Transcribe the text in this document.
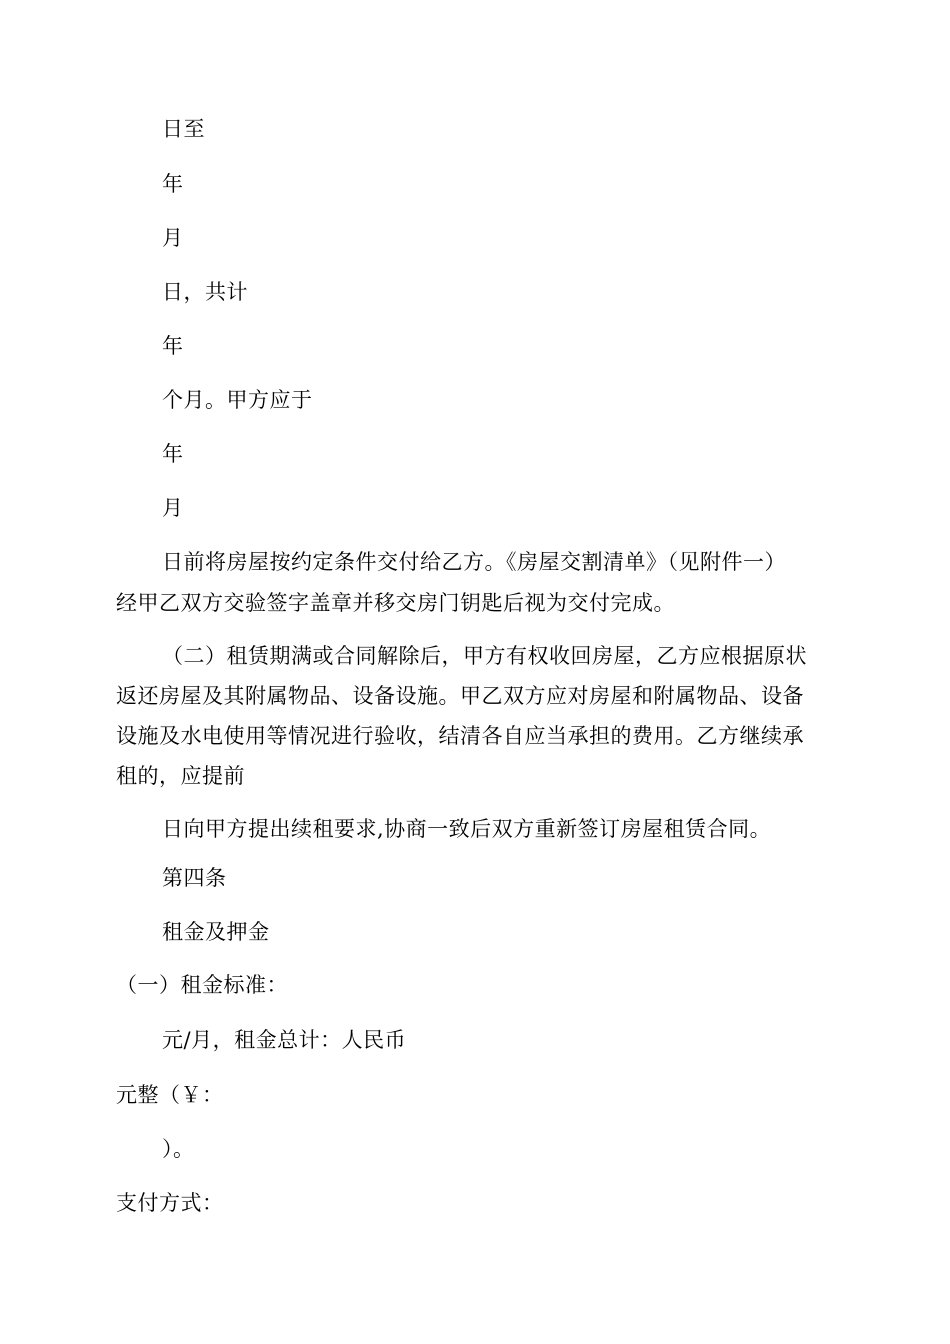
日至
年
月
日，共计
年
个月。甲方应于
年
月
日前将房屋按约定条件交付给乙方。《房屋交割清单》（见附件一）
经甲乙双方交验签字盖章并移交房门钥匙后视为交付完成。
（二）租赁期满或合同解除后，甲方有权收回房屋，乙方应根据原状
返还房屋及其附属物品、设备设施。甲乙双方应对房屋和附属物品、设备
设施及水电使用等情况进行验收，结清各自应当承担的费用。乙方继续承
租的，应提前
日向甲方提出续租要求,协商一致后双方重新签订房屋租赁合同。
第四条
租金及押金
（一）租金标准：
元/月，租金总计：人民币
元整（￥：
）。
支付方式：
